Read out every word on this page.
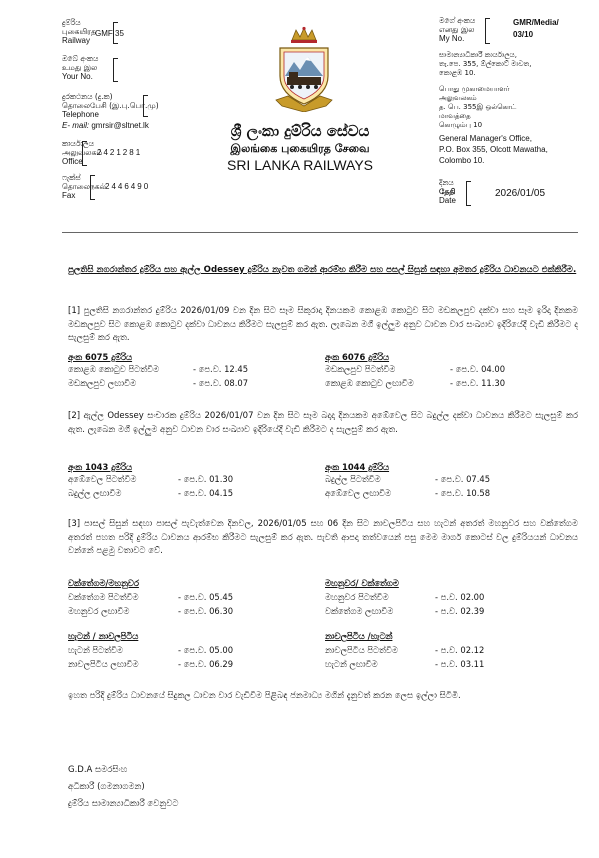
දුම්රිය
புகையிரத
Railway
GMF 35
ඔබේ අංකය
உமது இல
Your No.
දුරකථනය (දු.ක)
தொலைபேசி (இ.பு.பொ.மு)
Telephone
E- mail: gmrsir@sltnet.lk
කාර්යාලය
அலுவலகம்
Office
2421281
ෆැක්ස්
தொலைநகல்
Fax
2446490
මගේ අංකය
எனது இல
My No.
GMR/Media/ 03/10
සාමාන්‍යාධිකාරී කාර්යාලය,
තැ.පෙ. 355, ඕල්කොට් මාවත,
කොළඹ 10.
பொது முகாமையாளர்
அலுவலகம்
த. பெ. 355இ ஒல்கொட்
மாவத்தை
கொழும்பு 10
General Manager's Office,
P.O. Box 355, Olcott Mawatha,
Colombo 10.
දිනය
தேதி
Date
2026/01/05
ශ්‍රී ලංකා දුම්රිය සේවය
இலங்கை புகையிரத சேவை
SRI LANKA RAILWAYS
පුලතිසි නගරාන්තර දුම්රිය සහ ඇල්ල Odessey දුම්රිය නැවත ගමන් ආරම්භ කිරීම සහ පසල් සිසුන් සඳහා අමතර දුම්රිය ධාවනයට එක්කිරීම.
[1] පුලතිසි නගරාන්තර දුම්රිය 2026/01/09 වන දින සිට සෑම සිකුරාදා දිනයකම කොළඹ කොටුව සිට මඩකලපුව දක්වා සහ සෑම ඉරිදා දිනකම මඩකලපුව සිට කොළඹ කොටුව දක්වා ධාවනය කිරීමට සැලසුම් කර ඇත. ලැබෙන මගී ඉල්ලුම අනුව ධාවන වාර සංඛ්‍යාව ඉදිරියේදී වැඩි කිරීමට ද සැලසුම් කර ඇත.
අංක 6075 දුම්රිය
කොළඹ කොටුව පිටත්වීම	- පෙ.ව. 12.45
මඩකලපුව ලඟාවීම	- පෙ.ව. 08.07
අංක 6076 දුම්රිය
මඩකලපුව පිටත්වීම	- පෙ.ව. 04.00
කොළඹ කොටුව ලඟාවීම	- පෙ.ව. 11.30
[2] ඇල්ල Odessey සංචාරක දුම්රිය 2026/01/07 වන දින සිට සෑම බදාදා දිනයකම අඹේවෙල සිට බදුල්ල දක්වා ධාවනය කිරීමට සැලසුම් කර ඇත. ලැබෙන මගී ඉල්ලුම අනුව ධාවන වාර සංඛ්‍යාව ඉදිරියේදී වැඩි කිරීමට ද සැලසුම් කර ඇත.
අංක 1043 දුම්රිය
අඹේවෙල පිටත්වීම	- පෙ.ව. 01.30
බදුල්ල ලඟාවීම	- පෙ.ව. 04.15
අංක 1044 දුම්රිය
බදුල්ල පිටත්වීම	- පෙ.ව. 07.45
අඹේවෙල ලඟාවීම	- පෙ.ව. 10.58
[3] පාසල් සිසුන් සඳහා පාසල් පැවැත්වෙන දිනවල, 2026/01/05 සහ 06 දින සිට නාවලපිටිය සහ හැටන් අතරත් මහනුවර සහ වක්තේගම අතරත් පහත පරිදි දුම්රිය ධාවනය ආරම්භ කිරීමට සැලසුම් කර ඇත. පැවති ආපදා තත්වයෙන් පසු මෙම මාර්ග කොටස් වල දුම්රියයන් ධාවනය වන්නේ පළමු වතාවට වේ.
වක්තේගම/මහනුවර
වක්තේගම පිටත්වීම	- පෙ.ව. 05.45
මහනුවර ලඟාවීම	- පෙ.ව. 06.30
මහනුවර/ වක්තේගම
මහනුවර පිටත්වීම	- ප.ව. 02.00
වක්තේගම ලඟාවීම	- ප.ව. 02.39
හැටන් / නාවලපිටිය
හැටන් පිටත්වීම	- පෙ.ව. 05.00
නාවලපිටිය ලඟාවීම	- පෙ.ව. 06.29
නාවලපිටිය /හැටන්
නාවලපිටිය පිටත්වීම	- ප.ව. 02.12
හැටන් ලඟාවීම	- ප.ව. 03.11
ඉහත පරිදි දුම්රිය ධාවනයේ සිදුකල ධාවන වාර වැඩිවීම පිළිබඳ ජනමාධ්‍ය මගින් දැනුවත් කරන ලෙස ඉල්ලා සිටිමි.
G.D.A සමරසිංහ
අධිකාරී (ගමනාගමන)
දුම්රිය සාමාන්‍යාධිකාරී වෙනුවට
